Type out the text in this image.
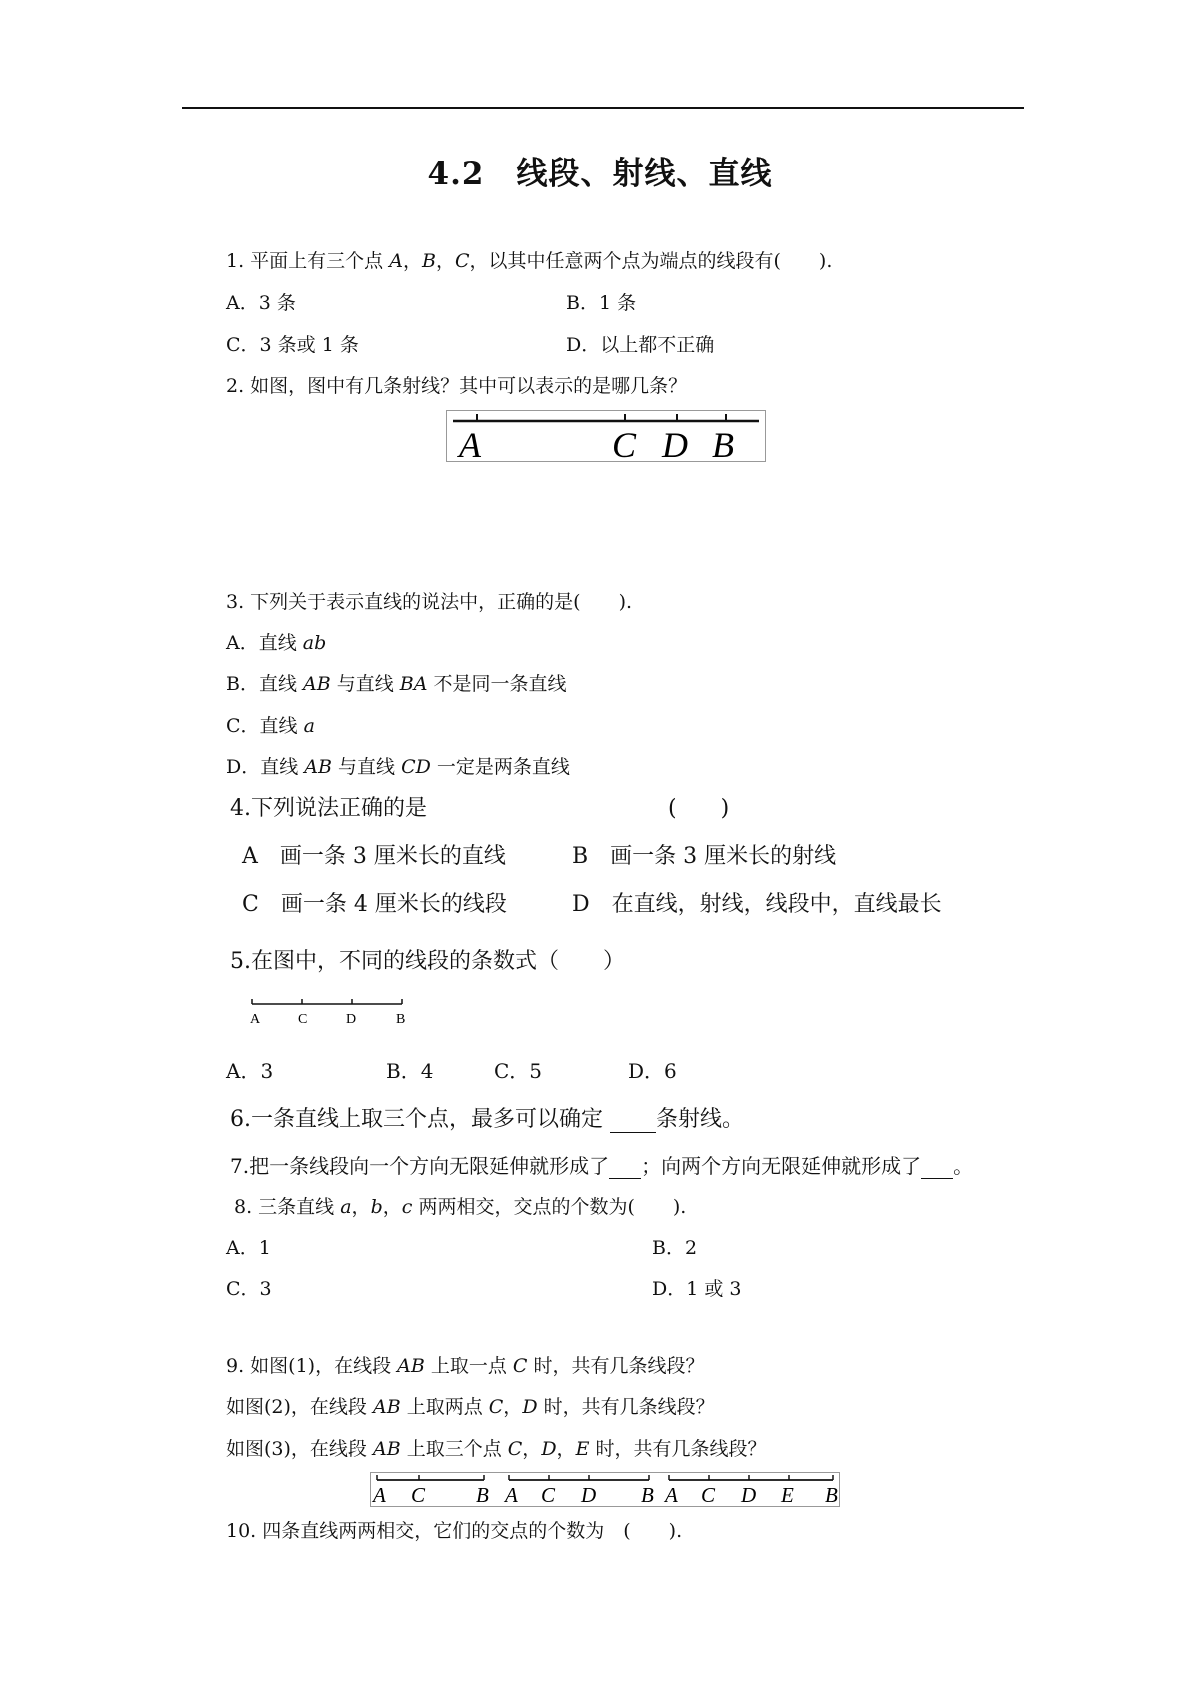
4.2　线段、射线、直线
1. 平面上有三个点 A，B，C，以其中任意两个点为端点的线段有(　　).
A．3 条	B．1 条
C．3 条或 1 条	D．以上都不正确
2. 如图，图中有几条射线？其中可以表示的是哪几条？
A	C D B
3. 下列关于表示直线的说法中，正确的是(　　).
A．直线 ab
B．直线 AB 与直线 BA 不是同一条直线
C．直线 a
D．直线 AB 与直线 CD 一定是两条直线
4.下列说法正确的是	(　　)
A　画一条 3 厘米长的直线	B　画一条 3 厘米长的射线
C　画一条 4 厘米长的线段	D　在直线，射线，线段中，直线最长
5.在图中，不同的线段的条数式（　　）
A	C	D	B
A．3	B．4	C．5	D．6
6.一条直线上取三个点，最多可以确定  条射线。
7.把一条线段向一个方向无限延伸就形成了 ；向两个方向无限延伸就形成了 。
8. 三条直线 a，b，c 两两相交，交点的个数为(　　).
A．1	B．2
C．3	D．1 或 3
9. 如图(1)，在线段 AB 上取一点 C 时，共有几条线段？
如图(2)，在线段 AB 上取两点 C，D 时，共有几条线段？
如图(3)，在线段 AB 上取三个点 C，D，E 时，共有几条线段？
A C B A C D B A C D E B
10. 四条直线两两相交，它们的交点的个数为　(　　).
